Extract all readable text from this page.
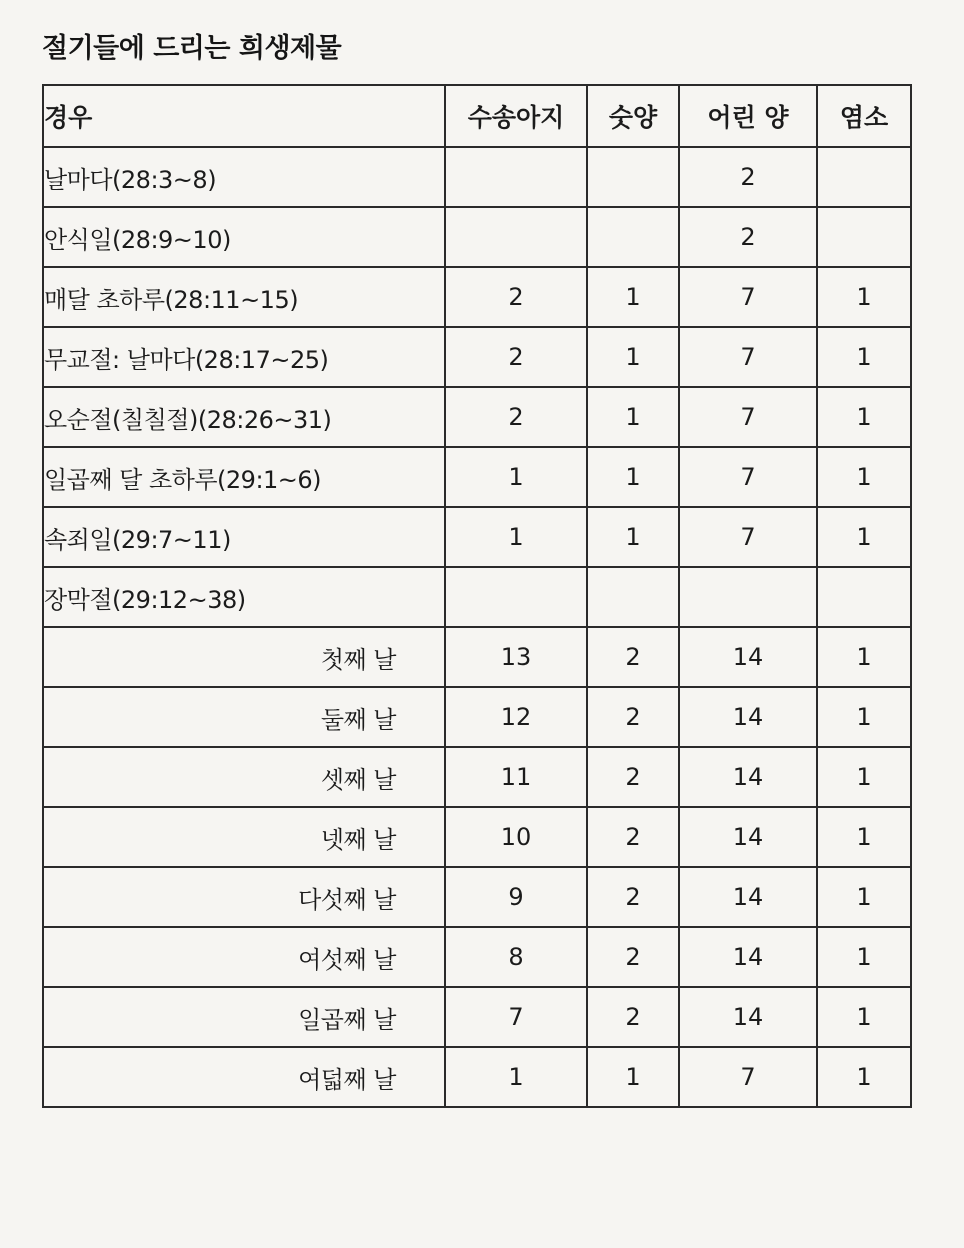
절기들에 드리는 희생제물
경우	수송아지	숫양	어린 양	염소
날마다(28:3~8)			2	
안식일(28:9~10)			2	
매달 초하루(28:11~15)	2	1	7	1
무교절: 날마다(28:17~25)	2	1	7	1
오순절(칠칠절)(28:26~31)	2	1	7	1
일곱째 달 초하루(29:1~6)	1	1	7	1
속죄일(29:7~11)	1	1	7	1
장막절(29:12~38)				
첫째 날	13	2	14	1
둘째 날	12	2	14	1
셋째 날	11	2	14	1
넷째 날	10	2	14	1
다섯째 날	9	2	14	1
여섯째 날	8	2	14	1
일곱째 날	7	2	14	1
여덟째 날	1	1	7	1
